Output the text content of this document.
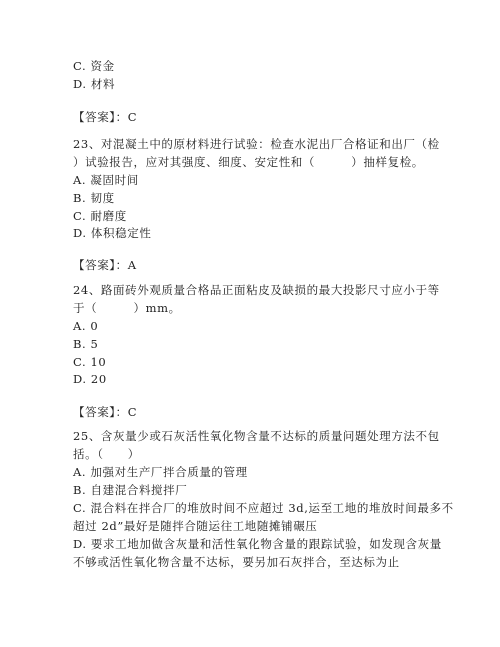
C. 资金
D. 材料
【答案】：C
23、对混凝土中的原材料进行试验：检查水泥出厂合格证和出厂（检
）试验报告，应对其强度、细度、安定性和（　　　）抽样复检。
A. 凝固时间
B. 韧度
C. 耐磨度
D. 体积稳定性
【答案】：A
24、路面砖外观质量合格品正面粘皮及缺损的最大投影尺寸应小于等
于（　　　）mm。
A. 0
B. 5
C. 10
D. 20
【答案】：C
25、含灰量少或石灰活性氧化物含量不达标的质量问题处理方法不包
括。（　　）
A. 加强对生产厂拌合质量的管理
B. 自建混合料搅拌厂
C. 混合料在拌合厂的堆放时间不应超过 3d,运至工地的堆放时间最多不
超过 2d”最好是随拌合随运往工地随摊铺碾压
D. 要求工地加做含灰量和活性氧化物含量的跟踪试验，如发现含灰量
不够或活性氧化物含量不达标，要另加石灰拌合，至达标为止
